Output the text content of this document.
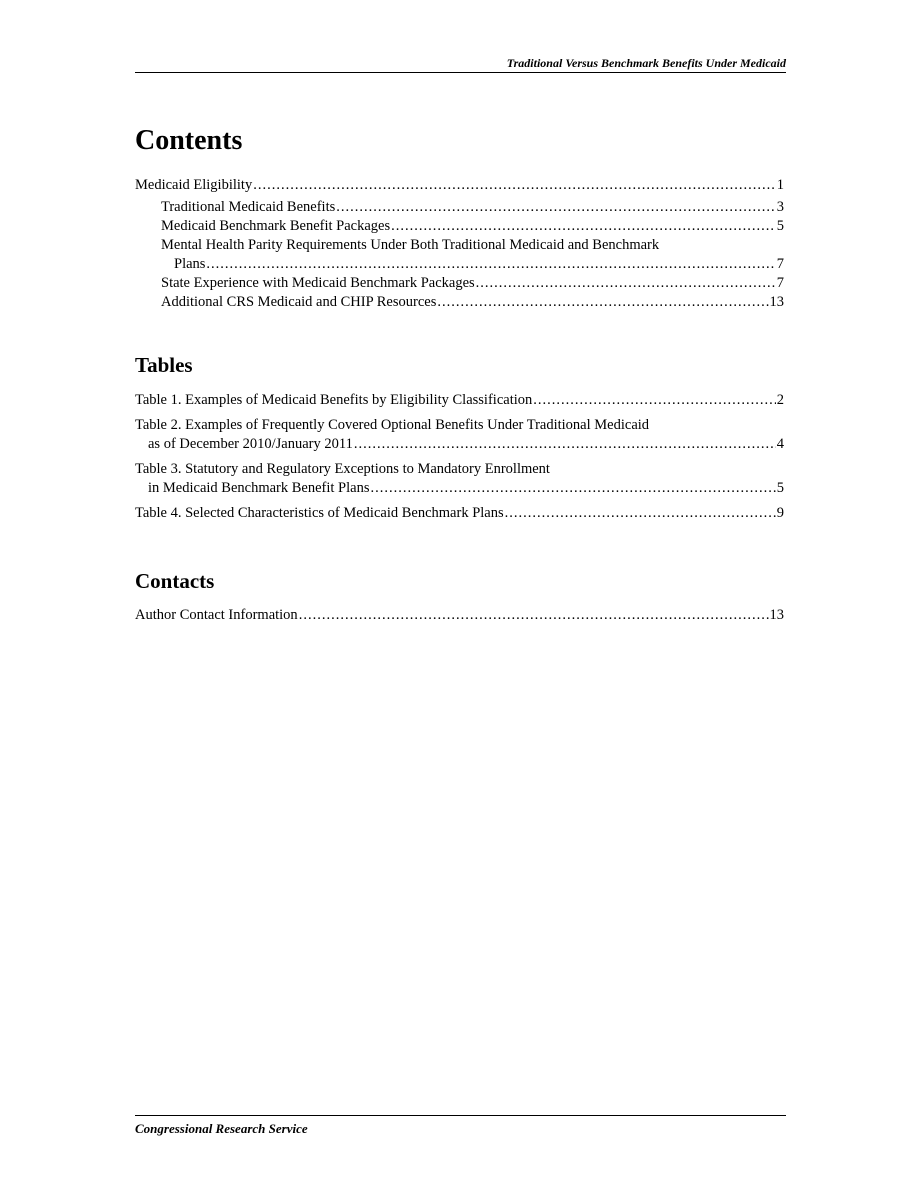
Traditional Versus Benchmark Benefits Under Medicaid
Contents
Medicaid Eligibility .....	1
Traditional Medicaid Benefits .....	3
Medicaid Benchmark Benefit Packages .....	5
Mental Health Parity Requirements Under Both Traditional Medicaid and Benchmark
Plans .....	7
State Experience with Medicaid Benchmark Packages .....	7
Additional CRS Medicaid and CHIP Resources .....	13
Tables
Table 1. Examples of Medicaid Benefits by Eligibility Classification .....	2
Table 2. Examples of Frequently Covered Optional Benefits Under Traditional Medicaid
as of December 2010/January 2011 .....	4
Table 3. Statutory and Regulatory Exceptions to Mandatory Enrollment
in Medicaid Benchmark Benefit Plans .....	5
Table 4. Selected Characteristics of Medicaid Benchmark Plans .....	9
Contacts
Author Contact Information .....	13
Congressional Research Service
